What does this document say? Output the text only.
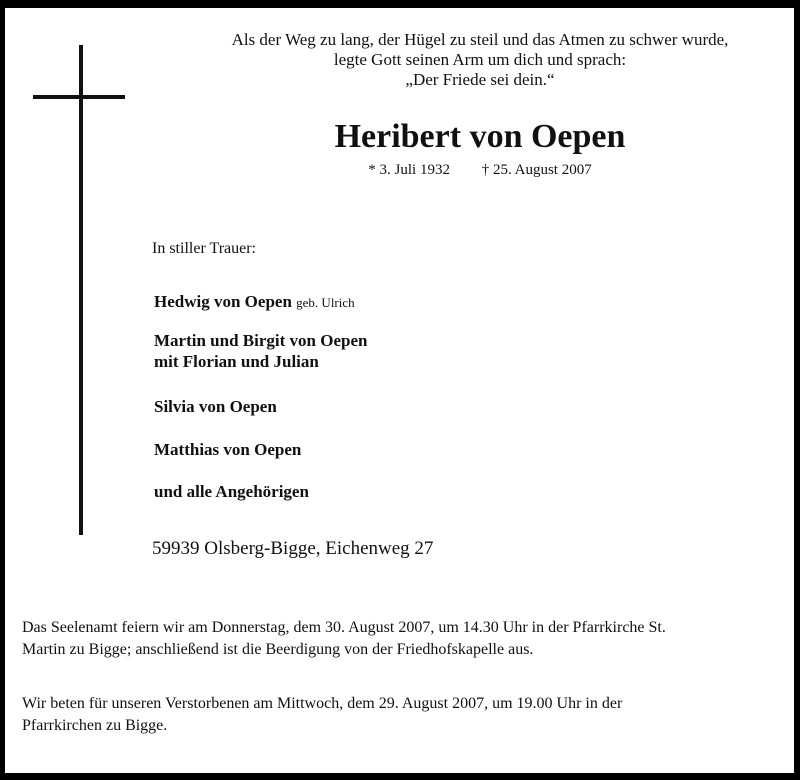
Als der Weg zu lang, der Hügel zu steil und das Atmen zu schwer wurde,
legte Gott seinen Arm um dich und sprach:
„Der Friede sei dein.“
Heribert von Oepen
* 3. Juli 1932 † 25. August 2007
In stiller Trauer:
Hedwig von Oepen geb. Ulrich
Martin und Birgit von Oepen
mit Florian und Julian
Silvia von Oepen
Matthias von Oepen
und alle Angehörigen
59939 Olsberg-Bigge, Eichenweg 27
Das Seelenamt feiern wir am Donnerstag, dem 30. August 2007, um 14.30 Uhr in der Pfarrkirche St.
Martin zu Bigge; anschließend ist die Beerdigung von der Friedhofskapelle aus.
Wir beten für unseren Verstorbenen am Mittwoch, dem 29. August 2007, um 19.00 Uhr in der
Pfarrkirchen zu Bigge.
